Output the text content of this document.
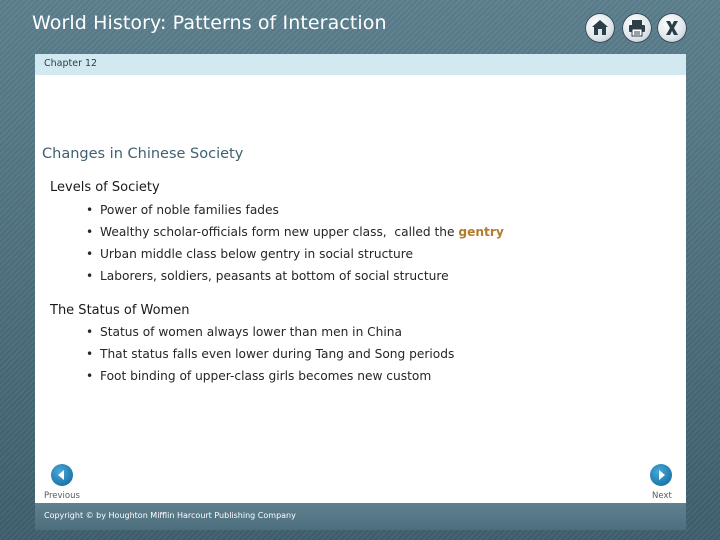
World History: Patterns of Interaction
Chapter 12
Changes in Chinese Society
Levels of Society
• Power of noble families fades
• Wealthy scholar-officials form new upper class,  called the gentry
• Urban middle class below gentry in social structure
• Laborers, soldiers, peasants at bottom of social structure
The Status of Women
• Status of women always lower than men in China
• That status falls even lower during Tang and Song periods
• Foot binding of upper-class girls becomes new custom
Previous	Next
Copyright © by Houghton Mifflin Harcourt Publishing Company
